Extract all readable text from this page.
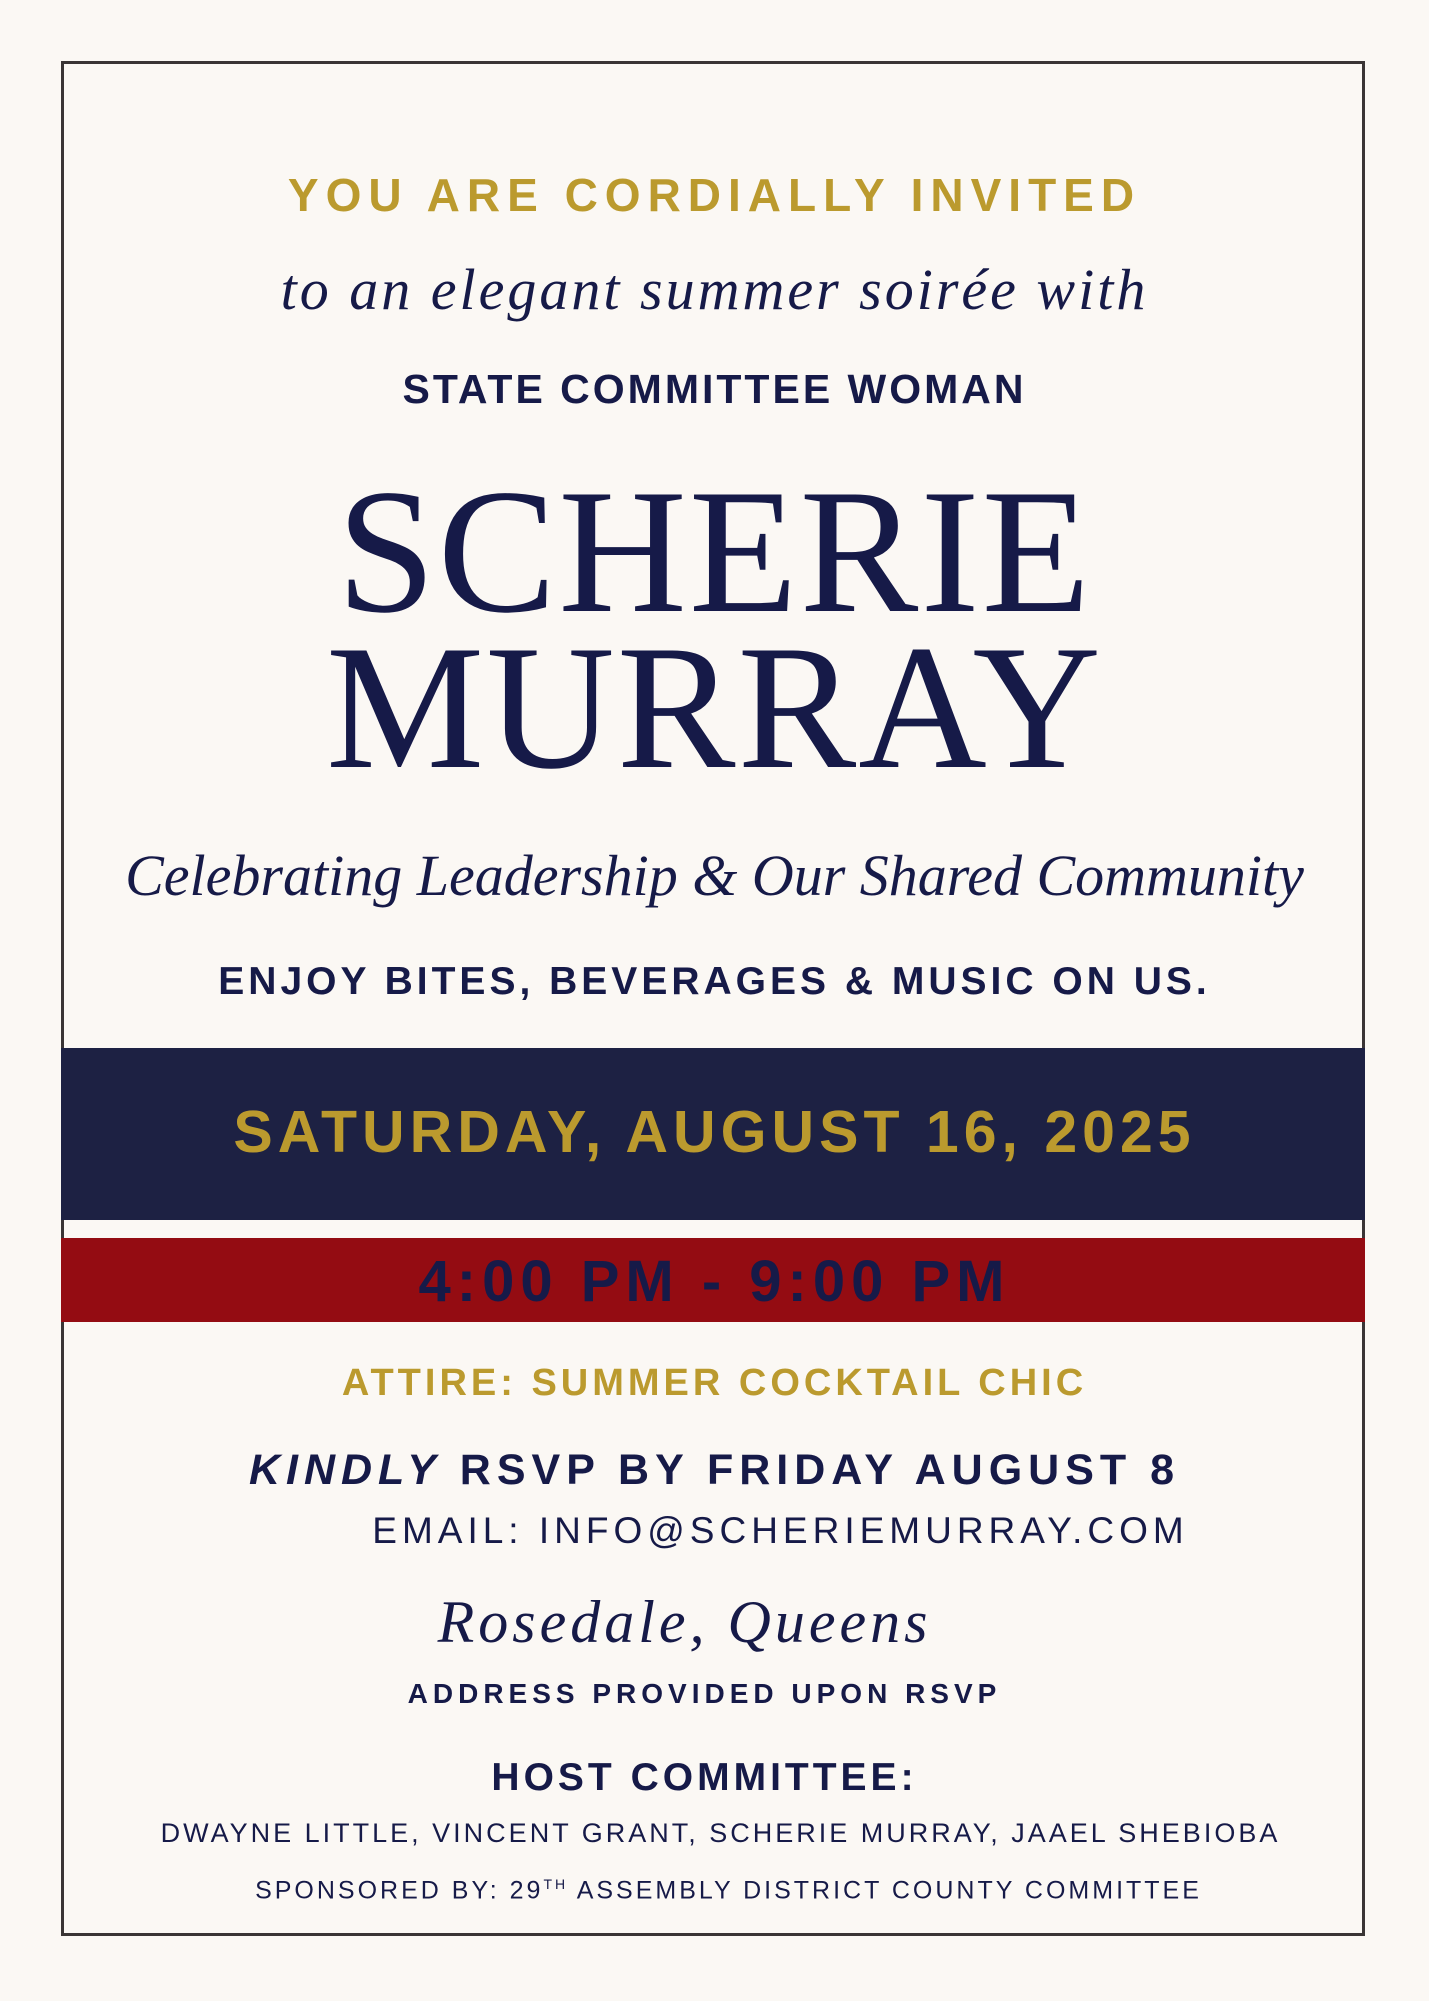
YOU ARE CORDIALLY INVITED
to an elegant summer soirée with
STATE COMMITTEE WOMAN
SCHERIE
MURRAY
Celebrating Leadership & Our Shared Community
ENJOY BITES, BEVERAGES & MUSIC ON US.
SATURDAY, AUGUST 16, 2025
4:00 PM - 9:00 PM
ATTIRE: SUMMER COCKTAIL CHIC
KINDLY RSVP BY FRIDAY AUGUST 8
EMAIL: INFO@SCHERIEMURRAY.COM
Rosedale, Queens
ADDRESS PROVIDED UPON RSVP
HOST COMMITTEE:
DWAYNE LITTLE, VINCENT GRANT, SCHERIE MURRAY, JAAEL SHEBIOBA
SPONSORED BY: 29TH ASSEMBLY DISTRICT COUNTY COMMITTEE
